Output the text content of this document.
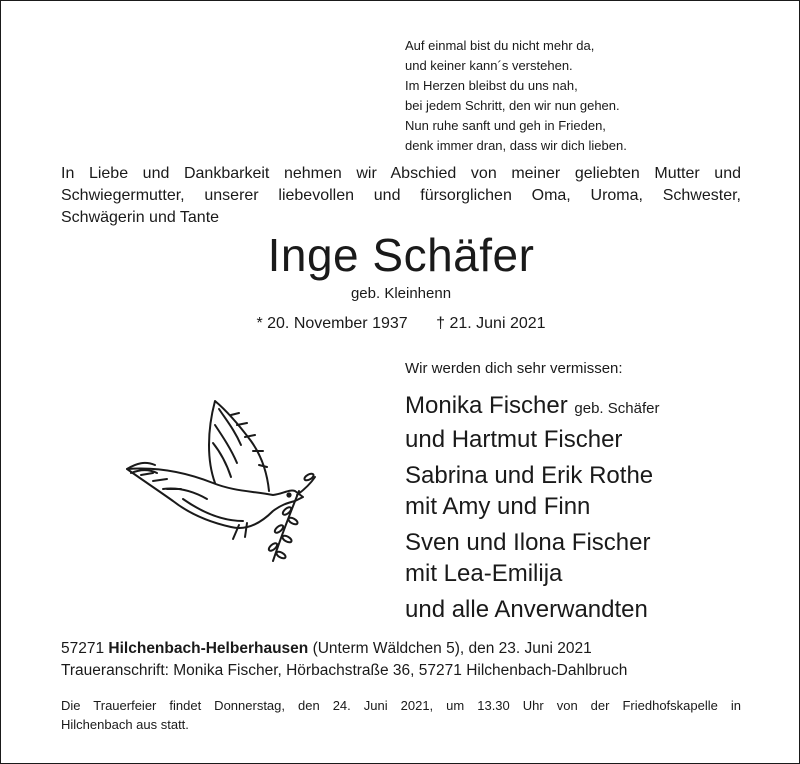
Auf einmal bist du nicht mehr da,
und keiner kann´s verstehen.
Im Herzen bleibst du uns nah,
bei jedem Schritt, den wir nun gehen.
Nun ruhe sanft und geh in Frieden,
denk immer dran, dass wir dich lieben.
In Liebe und Dankbarkeit nehmen wir Abschied von meiner geliebten Mutter und
Schwiegermutter, unserer liebevollen und fürsorglichen Oma, Uroma, Schwester,
Schwägerin und Tante
Inge Schäfer
geb. Kleinhenn
* 20. November 1937 † 21. Juni 2021
Wir werden dich sehr vermissen:
Monika Fischer geb. Schäfer
und Hartmut Fischer
Sabrina und Erik Rothe
mit Amy und Finn
Sven und Ilona Fischer
mit Lea-Emilija
und alle Anverwandten
57271 Hilchenbach-Helberhausen (Unterm Wäldchen 5), den 23. Juni 2021
Traueranschrift: Monika Fischer, Hörbachstraße 36, 57271 Hilchenbach-Dahlbruch
Die Trauerfeier findet Donnerstag, den 24. Juni 2021, um 13.30 Uhr von der Friedhofskapelle in
Hilchenbach aus statt.
